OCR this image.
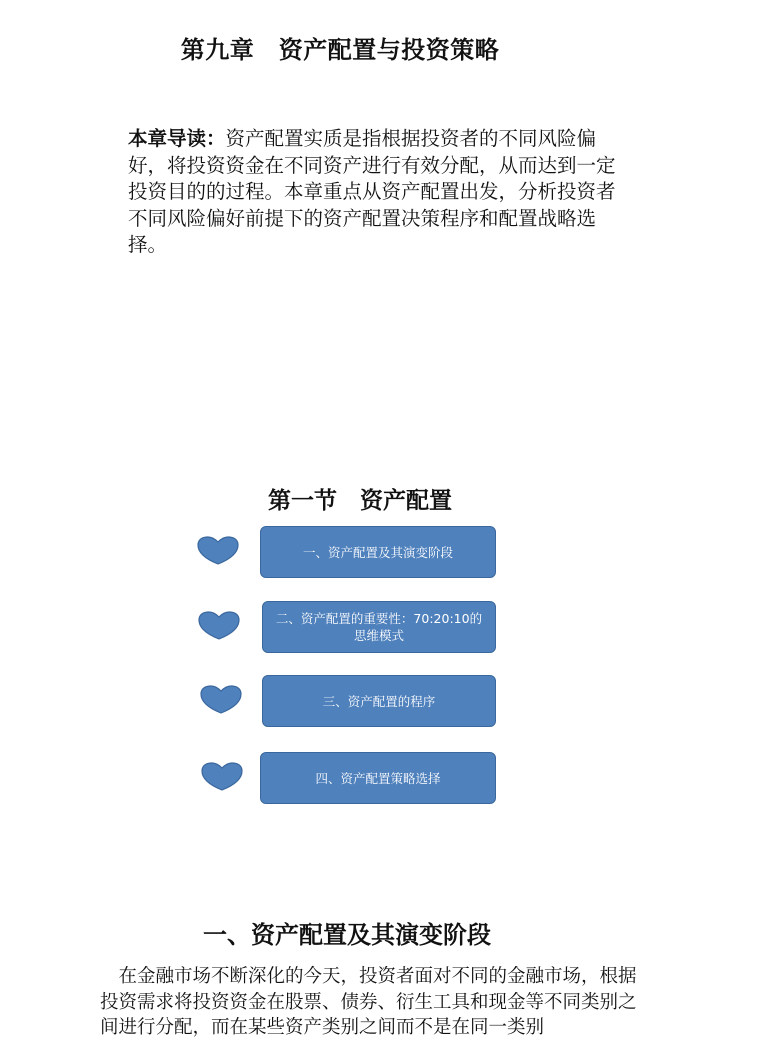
第九章　资产配置与投资策略
本章导读：资产配置实质是指根据投资者的不同风险偏好，将投资资金在不同资产进行有效分配，从而达到一定投资目的的过程。本章重点从资产配置出发，分析投资者不同风险偏好前提下的资产配置决策程序和配置战略选择。
第一节　资产配置
一、资产配置及其演变阶段
二、资产配置的重要性：70:20:10的思维模式
三、资产配置的程序
四、资产配置策略选择
一、资产配置及其演变阶段
　在金融市场不断深化的今天，投资者面对不同的金融市场，根据投资需求将投资资金在股票、债券、衍生工具和现金等不同类别之间进行分配，而在某些资产类别之间而不是在同一类别
